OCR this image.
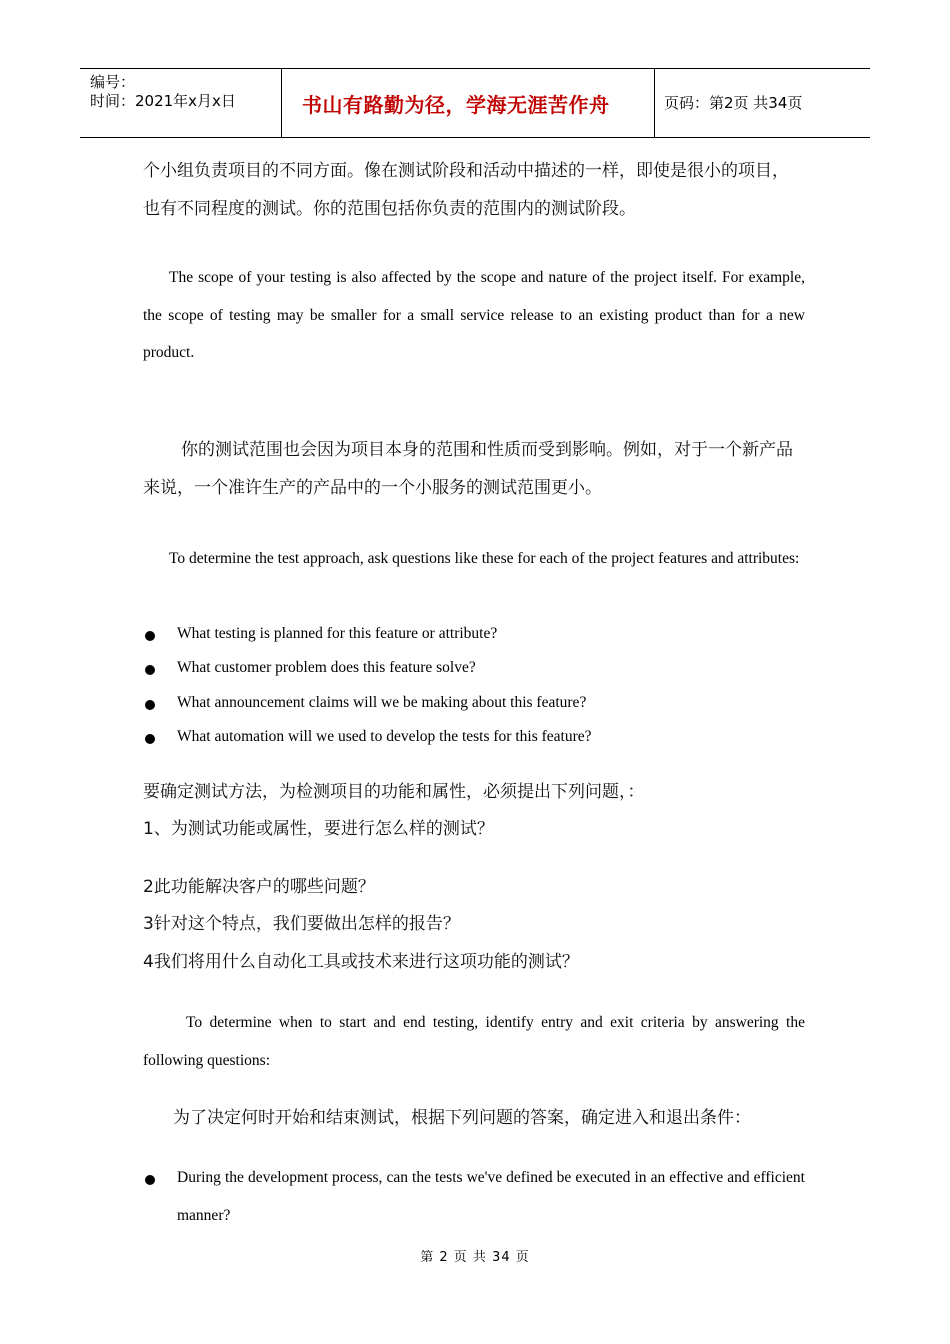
编号：
时间：2021年x月x日	书山有路勤为径，学海无涯苦作舟	页码：第2页 共34页

个小组负责项目的不同方面。像在测试阶段和活动中描述的一样，即使是很小的项目，也有不同程度的测试。你的范围包括你负责的范围内的测试阶段。

The scope of your testing is also affected by the scope and nature of the project itself. For example, the scope of testing may be smaller for a small service release to an existing product than for a new product.

你的测试范围也会因为项目本身的范围和性质而受到影响。例如，对于一个新产品来说，一个准许生产的产品中的一个小服务的测试范围更小。

To determine the test approach, ask questions like these for each of the project features and attributes:

What testing is planned for this feature or attribute?
What customer problem does this feature solve?
What announcement claims will we be making about this feature?
What automation will we used to develop the tests for this feature?

要确定测试方法，为检测项目的功能和属性，必须提出下列问题，：

1、为测试功能或属性，要进行怎么样的测试？

2此功能解决客户的哪些问题？

3针对这个特点，我们要做出怎样的报告？

4我们将用什么自动化工具或技术来进行这项功能的测试？

To determine when to start and end testing, identify entry and exit criteria by answering the following questions:

为了决定何时开始和结束测试，根据下列问题的答案，确定进入和退出条件：

During the development process, can the tests we've defined be executed in an effective and efficient manner?
第 2 页 共 34 页
